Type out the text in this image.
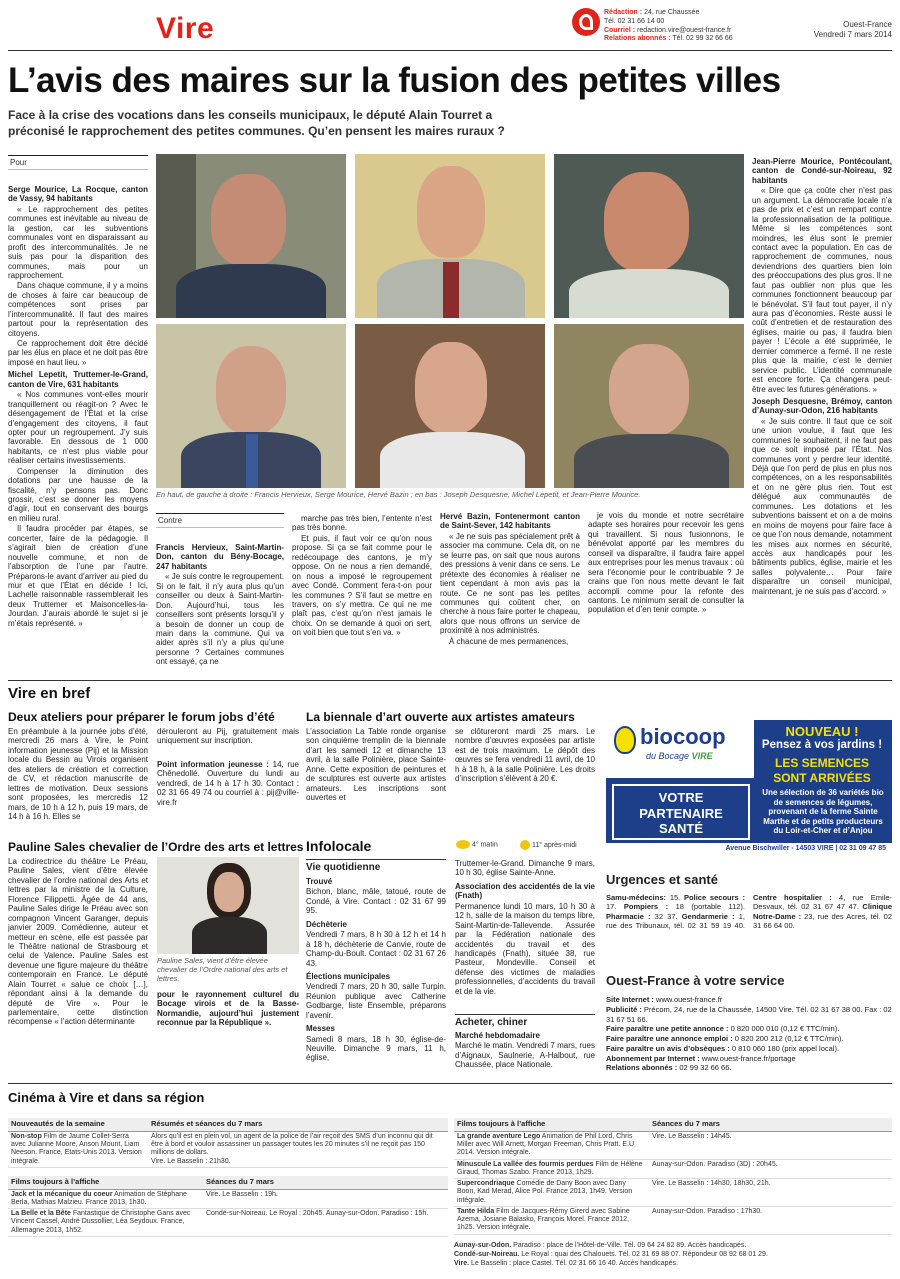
Vire	Rédaction : 24, rue Chaussée
Tél. 02 31 66 14 00
Courriel : redaction.vire@ouest-france.fr
Relations abonnés : Tél. 02 99 32 66 66
Ouest-France
Vendredi 7 mars 2014
L’avis des maires sur la fusion des petites villes
Face à la crise des vocations dans les conseils municipaux, le député Alain Tourret a préconisé le rapprochement des petites communes. Qu’en pensent les maires ruraux ?
Pour

Serge Mourice, La Rocque, canton de Vassy, 94 habitants

« Le rapprochement des petites communes est inévitable au niveau de la gestion, car les subventions communales vont en disparaissant au profit des intercommunalités. Je ne suis pas pour la disparition des communes, mais pour un rapprochement.

Dans chaque commune, il y a moins de choses à faire car beaucoup de compétences sont prises par l’intercommunalité. Il faut des maires partout pour la représentation des citoyens.

Ce rapprochement doit être décidé par les élus en place et ne doit pas être imposé en haut lieu. »

Michel Lepetit, Truttemer-le-Grand, canton de Vire, 631 habitants

« Nos communes vont-elles mourir tranquillement ou réagit-on ? Avec le désengagement de l’État et la crise d’engagement des citoyens, il faut opter pour un regroupement. J’y suis favorable. En dessous de 1 000 habitants, ce n’est plus viable pour réaliser certains investissements.

Compenser la diminution des dotations par une hausse de la fiscalité, n’y pensons pas. Donc grossir, c’est se donner les moyens d’agir, tout en conservant des bourgs en milieu rural.

Il faudra procéder par étapes, se concerter, faire de la pédagogie. Il s’agirait bien de création d’une nouvelle commune, et non de l’absorption de l’une par l’autre. Préparons-le avant d’arriver au pied du mur et que l’État en décide ! Ici, Lachelle raisonnable rassemblerait les deux Truttemer et Maisoncelles-la-Jourdan. J’aurais abordé le sujet si je m’étais représenté. »

En haut, de gauche à droite : Francis Hervieux, Serge Mourice, Hervé Bazin ; en bas : Joseph Desquesne, Michel Lepetit, et Jean-Pierre Mourice.
Contre

Francis Hervieux, Saint-Martin-Don, canton du Bény-Bocage, 247 habitants

« Je suis contre le regroupement. Si on le fait, il n’y aura plus qu’un conseiller ou deux à Saint-Martin-Don. Aujourd’hui, tous les conseillers sont présents lorsqu’il y a besoin de donner un coup de main dans la commune. Qui va aider après s’il n’y a plus qu’une personne ? Certaines communes ont essayé, ça ne

marche pas très bien, l’entente n’est pas très bonne.

Et puis, il faut voir ce qu’on nous propose. Si ça se fait comme pour le redécoupage des cantons, je m’y oppose. On ne nous a rien demandé, on nous a imposé le regroupement avec Condé. Comment fera-t-on pour les communes ? S’il faut se mettre en travers, on s’y mettra. Ce qui ne me plaît pas, c’est qu’on n’est jamais le choix. On se demande à quoi on sert, on voit bien que tout s’en va. »

Hervé Bazin, Fontenermont canton de Saint-Sever, 142 habitants

« Je ne suis pas spécialement prêt à associer ma commune. Cela dit, on ne se leurre pas, on sait que nous aurons des pressions à venir dans ce sens. Le prétexte des économies à réaliser ne tient cependant à mon avis pas la route. Ce ne sont pas les petites communes qui coûtent cher, on cherche à nous faire porter le chapeau, alors que nous offrons un service de proximité à nos administrés.

À chacune de mes permanences,

je vois du monde et notre secrétaire adapte ses horaires pour recevoir les gens qui travaillent. Si nous fusionnons, le bénévolat apporté par les membres du conseil va disparaître, il faudra faire appel aux entreprises pour les menus travaux : où sera l’économie pour le contribuable ? Je crains que l’on nous mette devant le fait accompli comme pour la refonte des cantons. Le minimum serait de consulter la population et d’en tenir compte. »

Jean-Pierre Mourice, Pontécoulant, canton de Condé-sur-Noireau, 92 habitants

« Dire que ça coûte cher n’est pas un argument. La démocratie locale n’a pas de prix et c’est un rempart contre la professionnalisation de la politique. Même si les compétences sont moindres, les élus sont le premier contact avec la population. En cas de rapprochement de communes, nous deviendrions des quartiers bien loin des préoccupations des plus gros. Il ne faut pas oublier non plus que les communes fonctionnent beaucoup par le bénévolat. S’il faut tout payer, il n’y aura pas d’économies. Reste aussi le coût d’entretien et de restauration des églises, mairie ou pas, il faudra bien payer ! L’école a été supprimée, le dernier commerce a fermé. Il ne reste plus que la mairie, c’est le dernier service public. L’identité communale est encore forte. Ça changera peut-être avec les futures générations. »

Joseph Desquesne, Brémoy, canton d’Aunay-sur-Odon, 216 habitants

« Je suis contre. Il faut que ce soit une union voulue, il faut que les communes le souhaitent, il ne faut pas que ce soit imposé par l’État. Nos communes vont y perdre leur identité. Déjà que l’on perd de plus en plus nos compétences, on a les responsabilités et on ne gère plus rien. Tout est délégué aux communautés de communes. Les dotations et les subventions baissent et on a de moins en moins de moyens pour faire face à ce que l’on nous demande, notamment les mises aux normes en sécurité, accès aux handicapés pour les bâtiments publics, église, mairie et les salles polyvalente… Pour faire disparaître un conseil municipal, maintenant, je ne suis pas d’accord. »

Vire en bref
Deux ateliers pour préparer le forum jobs d’été

En préambule à la journée jobs d’été, mercredi 26 mars à Vire, le Point information jeunesse (Pij) et la Mission locale du Bessin au Virois organisent des ateliers de création et correction de CV, et rédaction manuscrite de lettres de motivation. Deux sessions sont proposées, les mercredis 12 mars, de 10 h à 12 h, puis 19 mars, de 14 h à 16 h. Elles se

dérouleront au Pij, gratuitement mais uniquement sur inscription.

Point information jeunesse : 14, rue Chênedollé. Ouverture du lundi au vendredi, de 14 h à 17 h 30. Contact : 02 31 66 49 74 ou courriel à : pij@ville-vire.fr

La biennale d’art ouverte aux artistes amateurs

L’association La Table ronde organise son cinquième tremplin de la biennale d’art les samedi 12 et dimanche 13 avril, à la salle Polinière, place Sainte-Anne. Cette exposition de peintures et de sculptures est ouverte aux artistes amateurs. Les inscriptions sont ouvertes et

se clôtureront mardi 25 mars. Le nombre d’œuvres exposées par artiste est de trois maximum. Le dépôt des œuvres se fera vendredi 11 avril, de 10 h à 18 h, à la salle Polinière. Les droits d’inscription s’élèvent à 20 €.

biocoop
du Bocage VIRE
NOUVEAU !
Pensez à vos jardins !
LES SEMENCES
SONT ARRIVÉES
VOTRE
PARTENAIRE
SANTÉ
Une sélection de 36 variétés bio de semences de légumes, provenant de la ferme Sainte Marthe et de petits producteurs du Loir-et-Cher et d’Anjou
Avenue Bischwiller - 14503 VIRE | 02 31 09 47 85
Pauline Sales chevalier de l’Ordre des arts et lettres

La codirectrice du théâtre Le Préau, Pauline Sales, vient d’être élevée chevalier de l’ordre national des Arts et lettres par la ministre de la Culture, Florence Filippetti. Âgée de 44 ans, Pauline Sales dirige le Préau avec son compagnon Vincent Garanger, depuis janvier 2009. Comédienne, auteur et metteur en scène, elle est passée par le Théâtre national de Strasbourg et celui de Valence. Pauline Sales est devenue une figure majeure du théâtre contemporain en France. Le député Alain Tourret « salue ce choix […], répondant ainsi à la demande du député de Vire ». Pour le parlementaire, cette distinction récompense « l’action déterminante

Pauline Sales, vient d’être élevée chevalier de l’Ordre national des arts et lettres.

pour le rayonnement culturel du Bocage virois et de la Basse-Normandie, aujourd’hui justement reconnue par la République ».

Infolocale	4° matin	11° après-midi
Vie quotidienne

Trouvé

Bichon, blanc, mâle, tatoué, route de Condé, à Vire. Contact : 02 31 67 99 95.

Déchèterie

Vendredi 7 mars, 8 h 30 à 12 h et 14 h à 18 h, déchèterie de Canvie, route de Champ-du-Boult. Contact : 02 31 67 26 43.

Élections municipales

Vendredi 7 mars, 20 h 30, salle Turpin. Réunion publique avec Catherine Godbarge, liste Ensemble, préparons l’avenir.

Messes

Samedi 8 mars, 18 h 30, église-de-Neuville. Dimanche 9 mars, 11 h, église,

Truttemer-le-Grand. Dimanche 9 mars, 10 h 30, église Sainte-Anne.

Association des accidentés de la vie (Fnath)

Permanence lundi 10 mars, 10 h 30 à 12 h, salle de la maison du temps libre, Saint-Martin-de-Tallevende. Assurée par la Fédération nationale des accidentés du travail et des handicapés (Fnath), située 38, rue Pasteur, Mondeville. Conseil et défense des victimes de maladies professionnelles, d’accidents du travail et de la vie.

Acheter, chiner

Marché hebdomadaire

Marché le matin. Vendredi 7 mars, rues d’Aignaux, Saulnerie, A-Halbout, rue Chaussée, place Nationale.

Urgences et santé
Samu-médecins: 15. Police secours : 17. Pompiers : 18 (portable 112). Pharmacie : 32 37. Gendarmerie : 1, rue des Tribunaux, tél. 02 31 59 19 40. Centre hospitalier : 4, rue Emile-Desvaux, tél. 02 31 67 47 47. Clinique Notre-Dame : 23, rue des Acres, tél. 02 31 66 64 00.
Ouest-France à votre service
Site Internet : www.ouest-france.fr
Publicité : Précom, 24, rue de la Chaussée, 14500 Vire. Tél. 02 31 67 38 00. Fax : 02 31 67 51 66.
Faire paraître une petite annonce : 0 820 000 010 (0,12 € TTC/min).
Faire paraître une annonce emploi : 0 820 200 212 (0,12 € TTC/min).
Faire paraître un avis d’obsèques : 0 810 060 180 (prix appel local).
Abonnement par Internet : www.ouest-france.fr/portage
Relations abonnés : 02 99 32 66 66.
Cinéma à Vire et dans sa région
Nouveautés de la semaine	Résumés et séances du 7 mars
Non-stop Film de Jaume Collet-Serra avec Julianne Moore, Anson Mount, Liam Neeson. France, Etats-Unis 2013. Version intégrale.	Alors qu’il est en plein vol, un agent de la police de l’air reçoit des SMS d’un inconnu qui dit être à bord et vouloir assassiner un passager toutes les 20 minutes s’il ne reçoit pas 150 millions de dollars.
Vire. Le Basselin : 21h30.
Films toujours à l’affiche	Séances du 7 mars
Jack et la mécanique du coeur Animation de Stéphane Berla, Mathias Malzieu. France 2013, 1h30.	Vire. Le Basselin : 19h.
La Belle et la Bête Fantastique de Christophe Gans avec Vincent Cassel, André Dussollier, Léa Seydoux. France, Allemagne 2013, 1h52.	Condé-sur-Noireau. Le Royal : 20h45. Aunay-sur-Odon. Paradiso : 15h.
Films toujours à l’affiche	Séances du 7 mars
La grande aventure Lego Animation de Phil Lord, Chris Miller avec Will Arnett, Morgan Freeman, Chris Pratt. E.U 2014. Version intégrale.	Vire. Le Basselin : 14h45.
Minuscule La vallée des fourmis perdues Film de Hélène Giraud, Thomas Szabo. France 2013, 1h29.	Aunay-sur-Odon. Paradiso (3D) : 20h45.
Supercondriaque Comédie de Dany Boon avec Dany Boon, Kad Merad, Alice Pol. France 2013, 1h49. Version intégrale.	Vire. Le Basselin : 14h30, 18h30, 21h.
Tante Hilda Film de Jacques-Rémy Girerd avec Sabine Azema, Josiane Balasko, François Morel. France 2012, 1h25. Version intégrale.	Aunay-sur-Odon. Paradiso : 17h30.
Aunay-sur-Odon. Paradiso : place de l’Hôtel-de-Ville. Tél. 09 64 24 82 89. Accès handicapés.
Condé-sur-Noireau. Le Royal : quai des Chalouets. Tél. 02 31 69 88 07. Répondeur 08 92 68 01 29.
Vire. Le Basselin : place Castel. Tél. 02 31 66 16 40. Accès handicapés.
